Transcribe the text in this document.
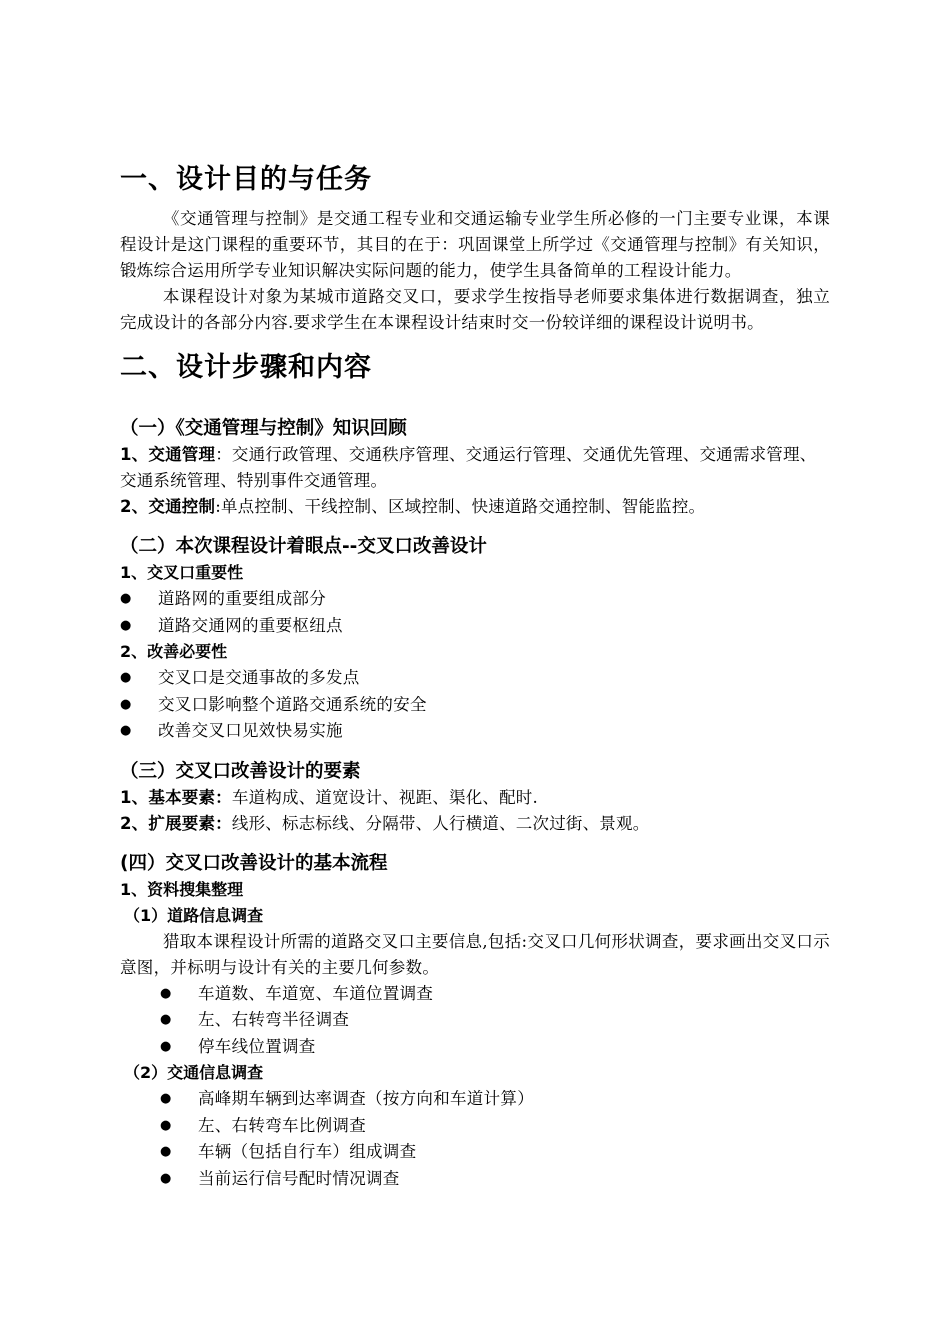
一、设计目的与任务

《交通管理与控制》是交通工程专业和交通运输专业学生所必修的一门主要专业课，本课程设计是这门课程的重要环节，其目的在于：巩固课堂上所学过《交通管理与控制》有关知识，锻炼综合运用所学专业知识解决实际问题的能力，使学生具备简单的工程设计能力。

本课程设计对象为某城市道路交叉口，要求学生按指导老师要求集体进行数据调查，独立完成设计的各部分内容.要求学生在本课程设计结束时交一份较详细的课程设计说明书。

二、设计步骤和内容
（一）《交通管理与控制》知识回顾

1、交通管理：交通行政管理、交通秩序管理、交通运行管理、交通优先管理、交通需求管理、交通系统管理、特别事件交通管理。

2、交通控制:单点控制、干线控制、区域控制、快速道路交通控制、智能监控。

（二）本次课程设计着眼点--交叉口改善设计

1、交叉口重要性

● 道路网的重要组成部分
● 道路交通网的重要枢纽点

2、改善必要性

● 交叉口是交通事故的多发点
● 交叉口影响整个道路交通系统的安全
● 改善交叉口见效快易实施
（三）交叉口改善设计的要素

1、基本要素：车道构成、道宽设计、视距、渠化、配时.

2、扩展要素：线形、标志标线、分隔带、人行横道、二次过街、景观。

(四）交叉口改善设计的基本流程

1、资料搜集整理

（1）道路信息调查

猎取本课程设计所需的道路交叉口主要信息,包括:交叉口几何形状调查，要求画出交叉口示意图，并标明与设计有关的主要几何参数。

● 车道数、车道宽、车道位置调查
● 左、右转弯半径调查
● 停车线位置调查

（2）交通信息调查

● 高峰期车辆到达率调查（按方向和车道计算）
● 左、右转弯车比例调查
● 车辆（包括自行车）组成调查
● 当前运行信号配时情况调查
